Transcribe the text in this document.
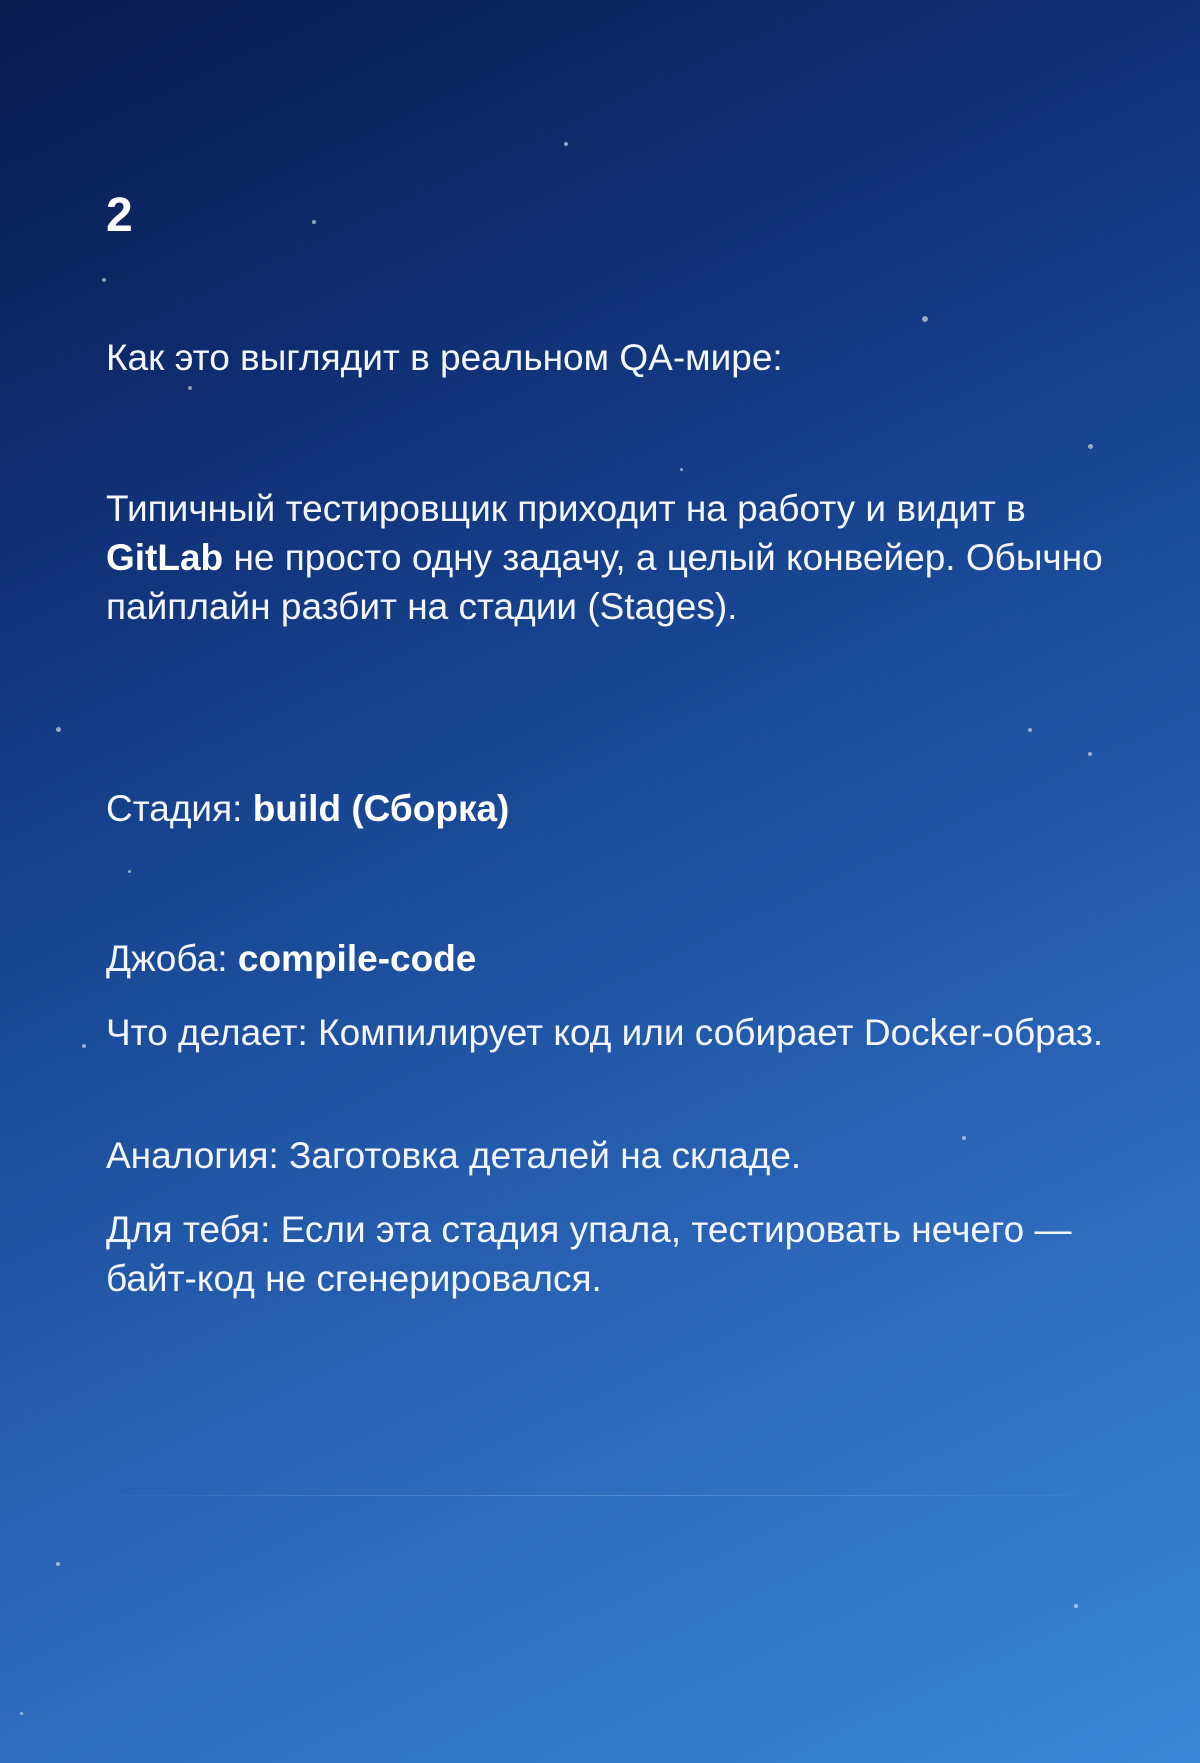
2
Как это выглядит в реальном QA-мире:
Типичный тестировщик приходит на работу и видит в GitLab не просто одну задачу, а целый конвейер. Обычно пайплайн разбит на стадии (Stages).
Стадия: build (Сборка)
Джоба: compile-code
Что делает: Компилирует код или собирает Docker-образ.
Аналогия: Заготовка деталей на складе.
Для тебя: Если эта стадия упала, тестировать нечего — байт-код не сгенерировался.
